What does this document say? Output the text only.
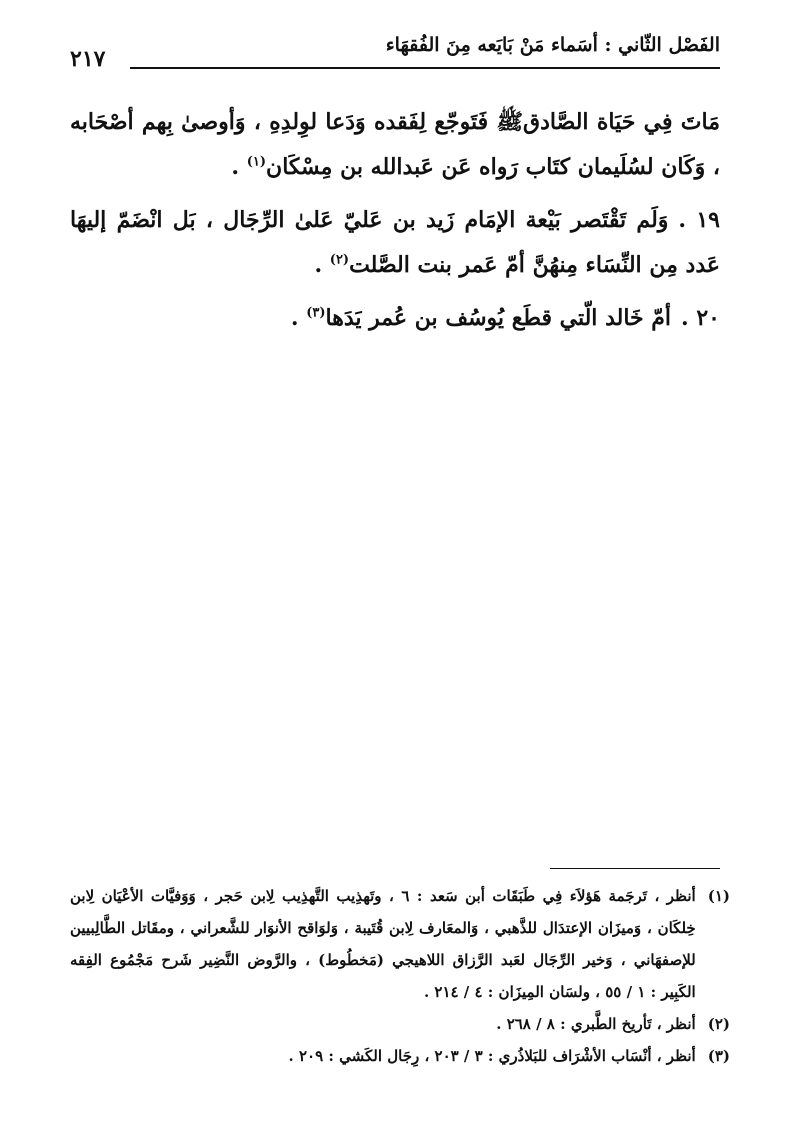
الفَصْل الثّاني : أسَماء مَنْ بَايَعه مِنَ الفُقهَاء
٢١٧

مَاتَ فِي حَيَاة الصَّادقﷺ فَتَوجّع لِفَقده وَدَعا لوِلدِهِ ، وَأوصىٰ بِهم أصْحَابه ، وَكَان لسُلَيمان كتَاب رَواه عَن عَبدالله بن مِسْكَان$^{(١)}$ .

١٩ .وَلَم تَقْتَصر بَيْعة الإمَام زَيد بن عَليّ عَلىٰ الرِّجَال ، بَل انْضَمّ إليهَا عَدد مِن النِّسَاء مِنهُنَّ أمّ عَمر بنت الصَّلت$^{(٢)}$ .

٢٠ .أمّ خَالد الّتي قطَع يُوسُف بن عُمر يَدَها$^{(٣)}$ .

(١)
أنظر ، تَرجَمة هَؤلاَء فِي طَبَقَات أبن سَعد : ٦ ، وتَهذِيب التَّهذِيب لِابن حَجر ، وَوَفيَّات الأعْيَان لِابن خِلكَان ، وَميزَان الإعتدَال للذَّهبي ، وَالمعَارف لِابن قُتَيبة ، وَلوَاقح الأنوَار للشَّعراني ، ومقَاتل الطَّالِبيين للإصفهَاني ، وَخير الرِّجَال لعَبد الرَّزاق اللاهيجي (مَخطُوط) ، والرَّوض النَّضِير شَرح مَجْمُوع الفِقه الكَبِير : ١ / ٥٥ ، ولسَان المِيزَان : ٤ / ٢١٤ .
(٢)
أنظر ، تَأريخ الطَّبري : ٨ / ٢٦٨ .
(٣)
أنظر ، أنْسَاب الأشْرَاف للبَلاذُري : ٣ / ٢٠٣ ، رِجَال الكَشي : ٢٠٩ .
